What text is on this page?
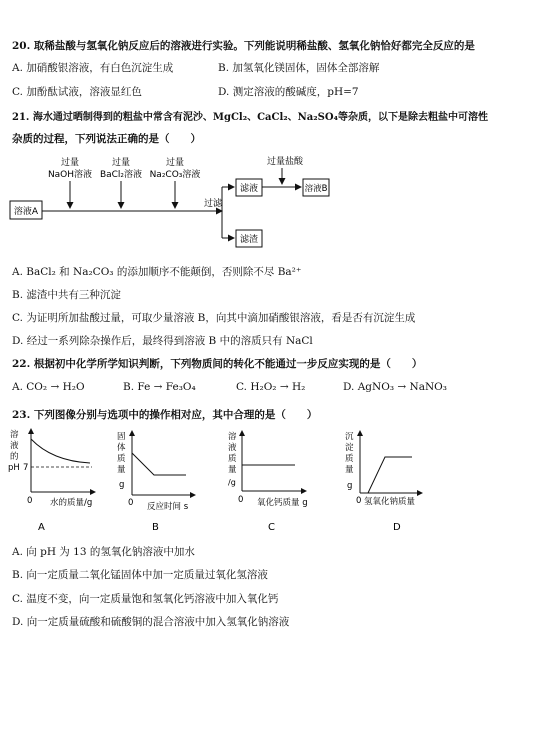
20. 取稀盐酸与氢氧化钠反应后的溶液进行实验。下列能说明稀盐酸、氢氧化钠恰好都完全反应的是
A. 加硝酸银溶液，有白色沉淀生成	B. 加氢氧化镁固体，固体全部溶解
C. 加酚酞试液，溶液显红色	D. 测定溶液的酸碱度，pH=7
21. 海水通过晒制得到的粗盐中常含有泥沙、MgCl₂、CaCl₂、Na₂SO₄等杂质，以下是除去粗盐中可溶性
杂质的过程，下列说法正确的是（　　）
溶液A
过量
NaOH溶液
过量
BaCl₂溶液
过量
Na₂CO₃溶液
过滤
滤液
滤渣
过量盐酸
溶液B
A. BaCl₂ 和 Na₂CO₃ 的添加顺序不能颠倒，否则除不尽 Ba²⁺
B. 滤渣中共有三种沉淀
C. 为证明所加盐酸过量，可取少量溶液 B，向其中滴加硝酸银溶液，看是否有沉淀生成
D. 经过一系列除杂操作后，最终得到溶液 B 中的溶质只有 NaCl
22. 根据初中化学所学知识判断，下列物质间的转化不能通过一步反应实现的是（　　）
A. CO₂ → H₂O	B. Fe → Fe₃O₄	C. H₂O₂ → H₂	D. AgNO₃ → NaNO₃
23. 下列图像分别与选项中的操作相对应，其中合理的是（　　）
溶
液
的
pH 7
0 水的质量/g
A
固
体
质
量
g
0 反应时间 s
B
溶
液
质
量
/g
0 氧化钙质量 g
C
沉
淀
质
量
g
0 氢氧化钠质量
D
A. 向 pH 为 13 的氢氧化钠溶液中加水
B. 向一定质量二氧化锰固体中加一定质量过氧化氢溶液
C. 温度不变，向一定质量饱和氢氧化钙溶液中加入氧化钙
D. 向一定质量硫酸和硫酸铜的混合溶液中加入氢氧化钠溶液
